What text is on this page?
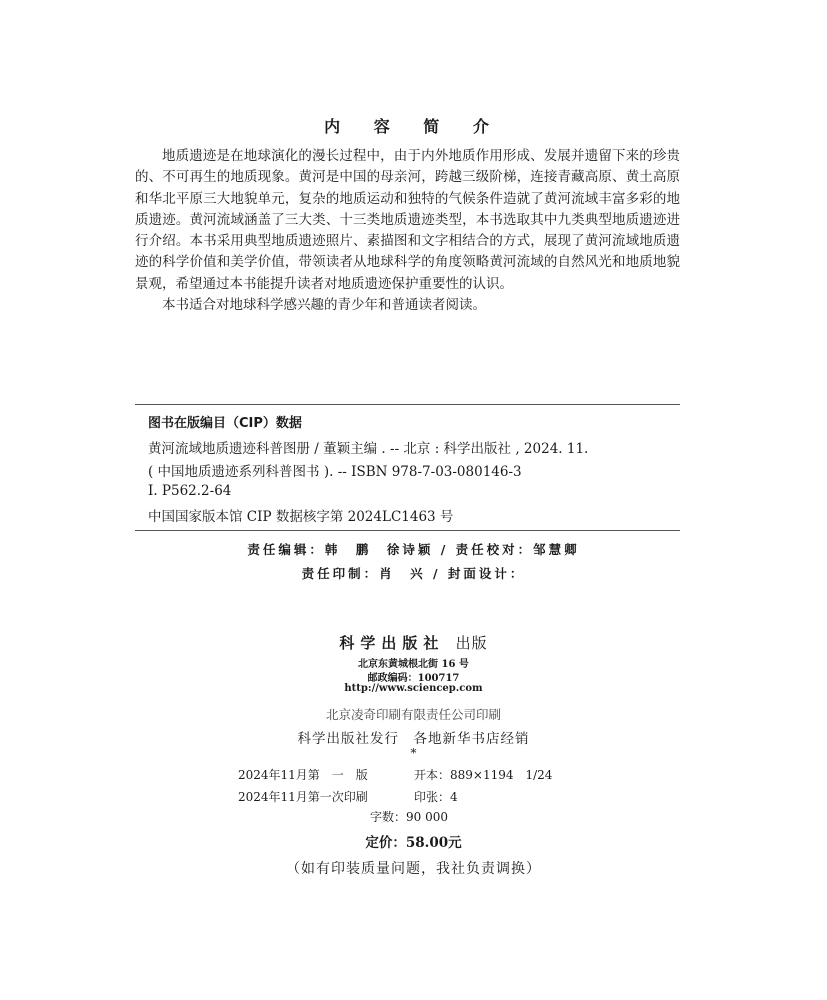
内 容 简 介

地质遗迹是在地球演化的漫长过程中，由于内外地质作用形成、发展并遗留下来的珍贵的、不可再生的地质现象。黄河是中国的母亲河，跨越三级阶梯，连接青藏高原、黄土高原和华北平原三大地貌单元，复杂的地质运动和独特的气候条件造就了黄河流域丰富多彩的地质遗迹。黄河流域涵盖了三大类、十三类地质遗迹类型，本书选取其中九类典型地质遗迹进行介绍。本书采用典型地质遗迹照片、素描图和文字相结合的方式，展现了黄河流域地质遗迹的科学价值和美学价值，带领读者从地球科学的角度领略黄河流域的自然风光和地质地貌景观，希望通过本书能提升读者对地质遗迹保护重要性的认识。

本书适合对地球科学感兴趣的青少年和普通读者阅读。

图书在版编目（CIP）数据
黄河流域地质遗迹科普图册 / 董颖主编 . -- 北京 : 科学出版社 , 2024. 11.
( 中国地质遗迹系列科普图书 ). -- ISBN 978-7-03-080146-3
Ⅰ. P562.2-64
中国国家版本馆 CIP 数据核字第 2024LC1463 号
责任编辑：韩　鹏　徐诗颖 / 责任校对：邹慧卿
责任印制：肖　兴 / 封面设计：
科学出版社 出版
北京东黄城根北街 16 号
邮政编码：100717
http://www.sciencep.com
北京凌奇印刷有限责任公司印刷
科学出版社发行　各地新华书店经销
*
2024年11月第　一　版	开本：889×1194　1/24
2024年11月第一次印刷	印张：4
字数：90 000
定价：58.00元
（如有印装质量问题，我社负责调换）
